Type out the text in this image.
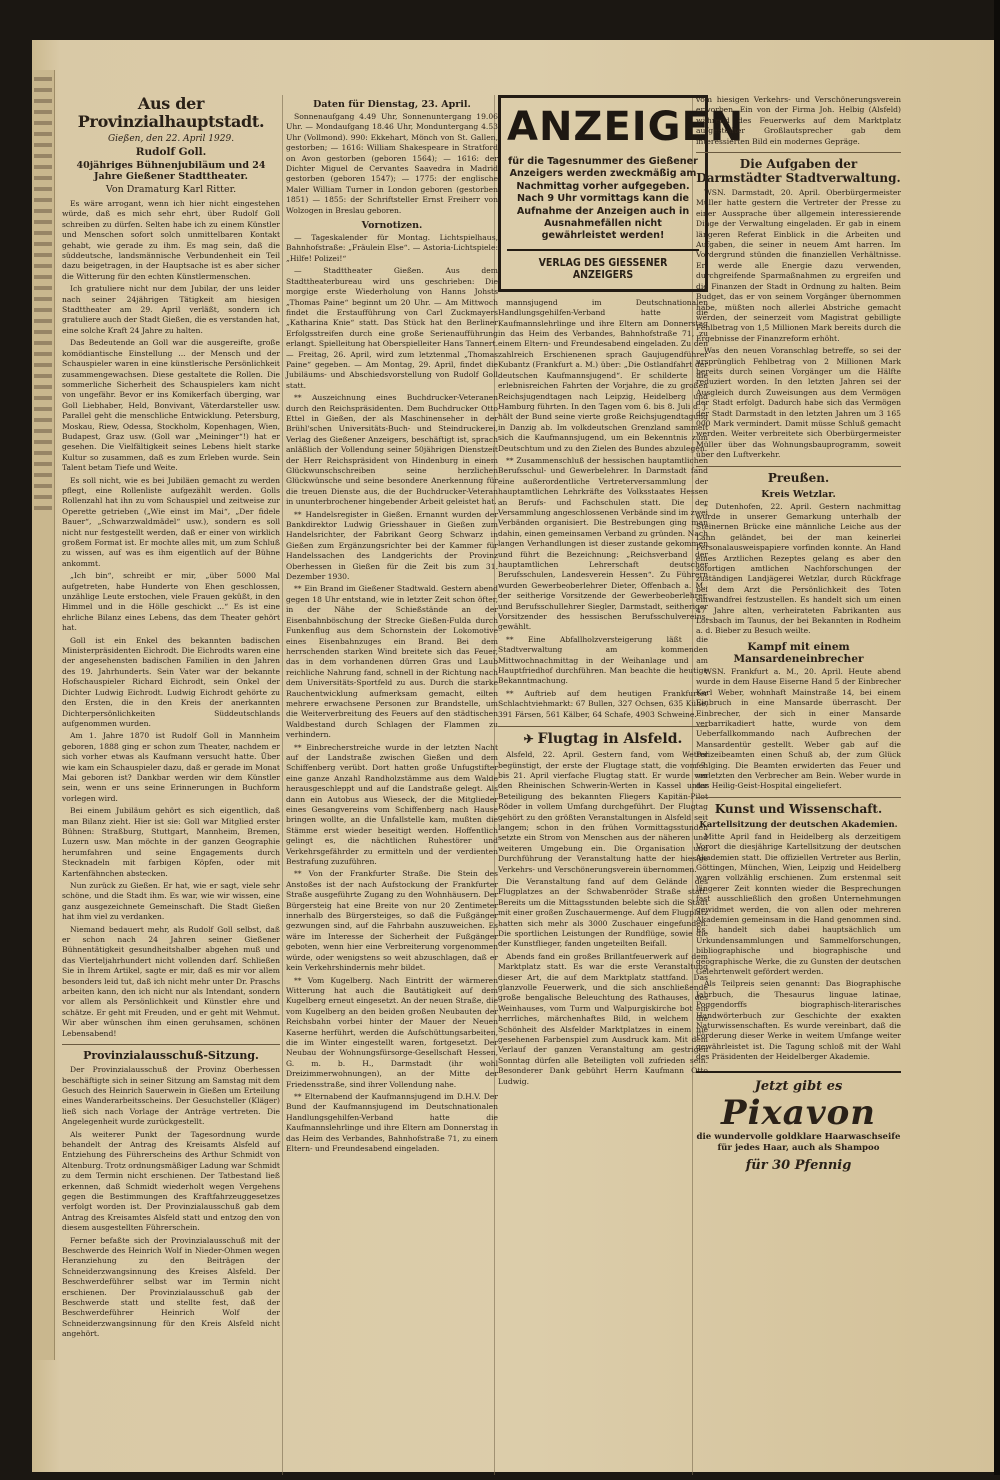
Aus der Provinzialhauptstadt.
Gießen, den 22. April 1929.
Rudolf Goll.
40jähriges Bühnenjubiläum und 24 Jahre Gießener Stadttheater.
Von Dramaturg Karl Ritter.

Es wäre arrogant, wenn ich hier nicht eingestehen würde, daß es mich sehr ehrt, über Rudolf Goll schreiben zu dürfen. Selten habe ich zu einem Künstler und Menschen sofort solch unmittelbaren Kontakt gehabt, wie gerade zu ihm. Es mag sein, daß die süddeutsche, landsmännische Verbundenheit ein Teil dazu beigetragen, in der Hauptsache ist es aber sicher die Witterung für den echten Künstlermenschen.

Ich gratuliere nicht nur dem Jubilar, der uns leider nach seiner 24jährigen Tätigkeit am hiesigen Stadttheater am 29. April verläßt, sondern ich gratuliere auch der Stadt Gießen, die es verstanden hat, eine solche Kraft 24 Jahre zu halten.

Das Bedeutende an Goll war die ausgereifte, große komödiantische Einstellung ... der Mensch und der Schauspieler waren in eine künstlerische Persönlichkeit zusammengewachsen. Diese gestaltete die Rollen. Die sommerliche Sicherheit des Schauspielers kam nicht von ungefähr. Bevor er ins Komikerfach überging, war Goll Liebhaber, Held, Bonvivant, Väterdarsteller usw. Parallel geht die menschliche Entwicklung. Petersburg, Moskau, Riew, Odessa, Stockholm, Kopenhagen, Wien, Budapest, Graz usw. (Goll war „Meininger“!) hat er gesehen. Die Vielfältigkeit seines Lebens hielt starke Kultur so zusammen, daß es zum Erleben wurde. Sein Talent betam Tiefe und Weite.

Es soll nicht, wie es bei Jubiläen gemacht zu werden pflegt, eine Rollenliste aufgezählt werden. Golls Rollenzahl hat ihn zu vom Schauspiel und zeitweise zur Operette getrieben („Wie einst im Mai“, „Der fidele Bauer“, „Schwarzwaldmädel“ usw.), sondern es soll nicht nur festgestellt werden, daß er einer von wirklich großem Format ist. Er mochte alles mit, um zum Schluß zu wissen, auf was es ihm eigentlich auf der Bühne ankommt.

„Ich bin“, schreibt er mir, „über 5000 Mal aufgetreten, habe Hunderte von Ehen geschlossen, unzählige Leute erstochen, viele Frauen geküßt, in den Himmel und in die Hölle geschickt ...“ Es ist eine ehrliche Bilanz eines Lebens, das dem Theater gehört hat.

Goll ist ein Enkel des bekannten badischen Ministerpräsidenten Eichrodt. Die Eichrodts waren eine der angesehensten badischen Familien in den Jahren des 19. Jahrhunderts. Sein Vater war der bekannte Hofschauspieler Richard Eichrodt, sein Onkel der Dichter Ludwig Eichrodt. Ludwig Eichrodt gehörte zu den Ersten, die in den Kreis der anerkannten Dichterpersönlichkeiten Süddeutschlands aufgenommen wurden.

Am 1. Jahre 1870 ist Rudolf Goll in Mannheim geboren, 1888 ging er schon zum Theater, nachdem er sich vorher etwas als Kaufmann versucht hatte. Über wie kam ein Schauspieler dazu, daß er gerade im Monat Mai geboren ist? Dankbar werden wir dem Künstler sein, wenn er uns seine Erinnerungen in Buchform vorlegen wird.

Bei einem Jubiläum gehört es sich eigentlich, daß man Bilanz zieht. Hier ist sie: Goll war Mitglied erster Bühnen: Straßburg, Stuttgart, Mannheim, Bremen, Luzern usw. Man möchte in der ganzen Geographie herumfahren und seine Engagements durch Stecknadeln mit farbigen Köpfen, oder mit Kartenfähnchen abstecken.

Nun zurück zu Gießen. Er hat, wie er sagt, viele sehr schöne, und die Stadt ihm. Es war, wie wir wissen, eine ganz ausgezeichnete Gemeinschaft. Die Stadt Gießen hat ihm viel zu verdanken.

Niemand bedauert mehr, als Rudolf Goll selbst, daß er schon nach 24 Jahren seiner Gießener Bühnentätigkeit gesundheitshalber abgehen muß und das Vierteljahrhundert nicht vollenden darf. Schließen Sie in Ihrem Artikel, sagte er mir, daß es mir vor allem besonders leid tut, daß ich nicht mehr unter Dr. Praschs arbeiten kann, den ich nicht nur als Intendant, sondern vor allem als Persönlichkeit und Künstler ehre und schätze. Er geht mit Freuden, und er geht mit Wehmut. Wir aber wünschen ihm einen geruhsamen, schönen Lebensabend!

Provinzialausschuß-Sitzung.

Der Provinzialausschuß der Provinz Oberhessen beschäftigte sich in seiner Sitzung am Samstag mit dem Gesuch des Heinrich Sauerwein in Gießen um Erteilung eines Wanderarbeitsscheins. Der Gesuchsteller (Kläger) ließ sich nach Vorlage der Anträge vertreten. Die Angelegenheit wurde zurückgestellt.

Als weiterer Punkt der Tagesordnung wurde behandelt der Antrag des Kreisamts Alsfeld auf Entziehung des Führerscheins des Arthur Schmidt von Altenburg. Trotz ordnungsmäßiger Ladung war Schmidt zu dem Termin nicht erschienen. Der Tatbestand ließ erkennen, daß Schmidt wiederholt wegen Vergehens gegen die Bestimmungen des Kraftfahrzeuggesetzes verfolgt worden ist. Der Provinzialausschuß gab dem Antrag des Kreisamtes Alsfeld statt und entzog den von diesem ausgestellten Führerschein.

Ferner befaßte sich der Provinzialausschuß mit der Beschwerde des Heinrich Wolf in Nieder-Ohmen wegen Heranziehung zu den Beiträgen der Schneiderzwangsinnung des Kreises Alsfeld. Der Beschwerdeführer selbst war im Termin nicht erschienen. Der Provinzialausschuß gab der Beschwerde statt und stellte fest, daß der Beschwerdeführer Heinrich Wolf der Schneiderzwangsinnung für den Kreis Alsfeld nicht angehört.

Daten für Dienstag, 23. April.

Sonnenaufgang 4.49 Uhr, Sonnenuntergang 19.06 Uhr. — Mondaufgang 18.46 Uhr, Monduntergang 4.53 Uhr (Vollmond). 990: Ekkehart, Mönch von St. Gallen, gestorben; — 1616: William Shakespeare in Stratford on Avon gestorben (geboren 1564); — 1616: der Dichter Miguel de Cervantes Saavedra in Madrid gestorben (geboren 1547); — 1775: der englische Maler William Turner in London geboren (gestorben 1851) — 1855: der Schriftsteller Ernst Freiherr von Wolzogen in Breslau geboren.

Vornotizen.

— Tageskalender für Montag. Lichtspielhaus, Bahnhofstraße: „Fräulein Else“. — Astoria-Lichtspiele: „Hilfe! Polizei!“

— Stadttheater Gießen. Aus dem Stadttheaterbureau wird uns geschrieben: Die morgige erste Wiederholung von Hanns Johsts „Thomas Paine“ beginnt um 20 Uhr. — Am Mittwoch findet die Erstaufführung von Carl Zuckmayers „Katharina Knie“ statt. Das Stück hat den Berliner Erfolgsstreifen durch eine große Serienaufführung erlangt. Spielleitung hat Oberspielleiter Hans Tannert. — Freitag, 26. April, wird zum letztenmal „Thomas Paine“ gegeben. — Am Montag, 29. April, findet die Jubiläums- und Abschiedsvorstellung von Rudolf Goll statt.

** Auszeichnung eines Buchdrucker-Veteranen durch den Reichspräsidenten. Dem Buchdrucker Otto Ettel in Gießen, der als Maschinenseher in der Brühl'schen Universitäts-Buch- und Steindruckerei, Verlag des Gießener Anzeigers, beschäftigt ist, sprach anläßlich der Vollendung seiner 50jährigen Dienstzeit der Herr Reichspräsident von Hindenburg in einem Glückwunschschreiben seine herzlichen Glückwünsche und seine besondere Anerkennung für die treuen Dienste aus, die der Buchdrucker-Veteran in ununterbrochener hingebender Arbeit geleistet hat.

** Handelsregister in Gießen. Ernannt wurden der Bankdirektor Ludwig Griesshauer in Gießen zum Handelsrichter, der Fabrikant Georg Schwarz in Gießen zum Ergänzungsrichter bei der Kammer für Handelssachen des Landgerichts der Provinz Oberhessen in Gießen für die Zeit bis zum 31. Dezember 1930.

** Ein Brand im Gießener Stadtwald. Gestern abend gegen 18 Uhr entstand, wie in letzter Zeit schon öfter, in der Nähe der Schießstände an der Eisenbahnböschung der Strecke Gießen-Fulda durch Funkenflug aus dem Schornstein der Lokomotive eines Eisenbahnzuges ein Brand. Bei dem herrschenden starken Wind breitete sich das Feuer, das in dem vorhandenen dürren Gras und Laub reichliche Nahrung fand, schnell in der Richtung nach dem Universitäts-Sportfeld zu aus. Durch die starke Rauchentwicklung aufmerksam gemacht, eilten mehrere erwachsene Personen zur Brandstelle, um die Weiterverbreitung des Feuers auf den städtischen Waldbestand durch Schlagen der Flammen zu verhindern.

** Einbrecherstreiche wurde in der letzten Nacht auf der Landstraße zwischen Gießen und dem Schiffenberg verübt. Dort hatten große Unfugstifter eine ganze Anzahl Randholzstämme aus dem Walde herausgeschleppt und auf die Landstraße gelegt. Als dann ein Autobus aus Wieseck, der die Mitglieder eines Gesangvereins vom Schiffenberg nach Hause bringen wollte, an die Unfallstelle kam, mußten die Stämme erst wieder beseitigt werden. Hoffentlich gelingt es, die nächtlichen Ruhestörer und Verkehrsgefährder zu ermitteln und der verdienten Bestrafung zuzuführen.

** Von der Frankfurter Straße. Die Stein des Anstoßes ist der nach Aufstockung der Frankfurter Straße ausgeführte Zugang zu den Wohnhäusern. Der Bürgersteig hat eine Breite von nur 20 Zentimeter innerhalb des Bürgersteiges, so daß die Fußgänger gezwungen sind, auf die Fahrbahn auszuweichen. Es wäre im Interesse der Sicherheit der Fußgänger geboten, wenn hier eine Verbreiterung vorgenommen würde, oder wenigstens so weit abzuschlagen, daß er kein Verkehrshindernis mehr bildet.

** Vom Kugelberg. Nach Eintritt der wärmeren Witterung hat auch die Bautätigkeit auf dem Kugelberg erneut eingesetzt. An der neuen Straße, die vom Kugelberg an den beiden großen Neubauten der Reichsbahn vorbei hinter der Mauer der Neuen Kaserne herführt, werden die Aufschüttungsarbeiten, die im Winter eingestellt waren, fortgesetzt. Der Neubau der Wohnungsfürsorge-Gesellschaft Hessen, G. m. b. H., Darmstadt (ihr wohl Dreizimmerwohnungen), an der Mitte der Friedensstraße, sind ihrer Vollendung nahe.

** Elternabend der Kaufmannsjugend im D.H.V. Der Bund der Kaufmannsjugend im Deutschnationalen Handlungsgehilfen-Verband hatte die Kaufmannslehrlinge und ihre Eltern am Donnerstag in das Heim des Verbandes, Bahnhofstraße 71, zu einem Eltern- und Freundesabend eingeladen.

ANZEIGEN
für die Tagesnummer des Gießener Anzeigers werden zweckmäßig am Nachmittag vorher aufgegeben. Nach 9 Uhr vormittags kann die Aufnahme der Anzeigen auch in Ausnahmefällen nicht gewährleistet werden!
VERLAG DES GIESSENER ANZEIGERS

mannsjugend im Deutschnationalen Handlungsgehilfen-Verband hatte die Kaufmannslehrlinge und ihre Eltern am Donnerstag in das Heim des Verbandes, Bahnhofstraße 71, zu einem Eltern- und Freundesabend eingeladen. Zu den zahlreich Erschienenen sprach Gaujugendführer Kubantz (Frankfurt a. M.) über: „Die Ostlandfahrt der deutschen Kaufmannsjugend“. Er schilderte die erlebnisreichen Fahrten der Vorjahre, die zu großen Reichsjugendtagen nach Leipzig, Heidelberg und Hamburg führten. In den Tagen vom 6. bis 8. Juli d. J. hält der Bund seine vierte große Reichsjugendtagung in Danzig ab. Im volkdeutschen Grenzland sammelt sich die Kaufmannsjugend, um ein Bekenntnis zum Deutschtum und zu den Zielen des Bundes abzulegen.

** Zusammenschluß der hessischen hauptamtlichen Berufsschul- und Gewerbelehrer. In Darmstadt fand eine außerordentliche Vertreterversammlung der hauptamtlichen Lehrkräfte des Volksstaates Hessen an Berufs- und Fachschulen statt. Die der Versammlung angeschlossenen Verbände sind im zwei Verbänden organisiert. Die Bestrebungen ging man dahin, einen gemeinsamen Verband zu gründen. Nach langen Verhandlungen ist dieser zustande gekommen und führt die Bezeichnung: „Reichsverband der hauptamtlichen Lehrerschaft deutscher Berufsschulen, Landesverein Hessen“. Zu Führern wurden Gewerbeoberlehrer Dieter, Offenbach a. M., der seitherige Vorsitzende der Gewerbeoberlehrer, und Berufsschullehrer Siegler, Darmstadt, seitheriger Vorsitzender des hessischen Berufsschulvereins, gewählt.

** Eine Abfallholzversteigerung läßt die Stadtverwaltung am kommenden Mittwochnachmittag in der Weihanlage und am Hauptfriedhof durchführen. Man beachte die heutige Bekanntmachung.

** Auftrieb auf dem heutigen Frankfurter Schlachtviehmarkt: 67 Bullen, 327 Ochsen, 635 Kühe, 391 Färsen, 561 Kälber, 64 Schafe, 4903 Schweine.

✈ Flugtag in Alsfeld.

Alsfeld, 22. April. Gestern fand, vom Wetter begünstigt, der erste der Flugtage statt, die vom 7. bis 21. April vierfache Flugtag statt. Er wurde von den Rheinischen Schwerin-Werten in Kassel unter Beteiligung des bekannten Fliegers Kapitän-Pilot Röder in vollem Umfang durchgeführt. Der Flugtag gehört zu den größten Veranstaltungen in Alsfeld seit langem; schon in den frühen Vormittagsstunden setzte ein Strom von Menschen aus der näheren und weiteren Umgebung ein. Die Organisation und Durchführung der Veranstaltung hatte der hiesige Verkehrs- und Verschönerungsverein übernommen.

Die Veranstaltung fand auf dem Gelände des Flugplatzes an der Schwabenröder Straße statt. Bereits um die Mittagsstunden belebte sich die Stadt mit einer großen Zuschauermenge. Auf dem Flugplatz hatten sich mehr als 3000 Zuschauer eingefunden. Die sportlichen Leistungen der Rundflüge, sowie die der Kunstflieger, fanden ungeteilten Beifall.

Abends fand ein großes Brillantfeuerwerk auf dem Marktplatz statt. Es war die erste Veranstaltung dieser Art, die auf dem Marktplatz stattfand. Das glanzvolle Feuerwerk, und die sich anschließende große bengalische Beleuchtung des Rathauses, des Weinhauses, vom Turm und Walpurgiskirche bot ein herrliches, märchenhaftes Bild, in welchem die Schönheit des Alsfelder Marktplatzes in einem nie gesehenen Farbenspiel zum Ausdruck kam. Mit dem Verlauf der ganzen Veranstaltung am gestrigen Sonntag dürfen alle Beteiligten voll zufrieden sein. Besonderer Dank gebührt Herrn Kaufmann Otto Ludwig.

vom hiesigen Verkehrs- und Verschönerungsverein erworben. Ein von der Firma Joh. Helbig (Alsfeld) während des Feuerwerks auf dem Marktplatz aufgestellter Großlautsprecher gab dem interessierten Bild ein modernes Gepräge.

Die Aufgaben der Darmstädter Stadtverwaltung.

WSN. Darmstadt, 20. April. Oberbürgermeister Müller hatte gestern die Vertreter der Presse zu einer Aussprache über allgemein interessierende Dinge der Verwaltung eingeladen. Er gab in einem längeren Referat Einblick in die Arbeiten und Aufgaben, die seiner in neuem Amt harren. Im Vordergrund stünden die finanziellen Verhältnisse. Er werde alle Energie dazu verwenden, durchgreifende Sparmaßnahmen zu ergreifen und die Finanzen der Stadt in Ordnung zu halten. Beim Budget, das er von seinem Vorgänger übernommen habe, müßten noch allerlei Abstriche gemacht werden, der seinerzeit vom Magistrat gebilligte Fehlbetrag von 1,5 Millionen Mark bereits durch die Ergebnisse der Finanzreform erhöht.

Was den neuen Voranschlag betreffe, so sei der ursprünglich Fehlbetrag von 2 Millionen Mark bereits durch seinen Vorgänger um die Hälfte reduziert worden. In den letzten Jahren sei der Ausgleich durch Zuweisungen aus dem Vermögen der Stadt erfolgt. Dadurch habe sich das Vermögen der Stadt Darmstadt in den letzten Jahren um 3 165 000 Mark vermindert. Damit müsse Schluß gemacht werden. Weiter verbreitete sich Oberbürgermeister Müller über das Wohnungsbauprogramm, soweit über den Luftverkehr.

Preußen.
Kreis Wetzlar.

* Dutenhofen, 22. April. Gestern nachmittag wurde in unserer Gemarkung unterhalb der Steinernen Brücke eine männliche Leiche aus der Lahn geländet, bei der man keinerlei Personalausweispapiere vorfinden konnte. An Hand eines Arztlichen Rezeptes gelang es aber den sofortigen amtlichen Nachforschungen der zuständigen Landjägerei Wetzlar, durch Rückfrage bei dem Arzt die Persönlichkeit des Toten einwandfrei festzustellen. Es handelt sich um einen 47 Jahre alten, verheirateten Fabrikanten aus Lorsbach im Taunus, der bei Bekannten in Rodheim a. d. Bieber zu Besuch weilte.

Kampf mit einem Mansardeneinbrecher

WSN. Frankfurt a. M., 20. April. Heute abend wurde in dem Hause Eiserne Hand 5 der Einbrecher Karl Weber, wohnhaft Mainstraße 14, bei einem Einbruch in eine Mansarde überrascht. Der Einbrecher, der sich in einer Mansarde verbarrikadiert hatte, wurde von dem Ueberfallkommando nach Aufbrechen der Mansardentür gestellt. Weber gab auf die Polizeibeamten einen Schuß ab, der zum Glück fehlging. Die Beamten erwiderten das Feuer und verletzten den Verbrecher am Bein. Weber wurde in das Heilig-Geist-Hospital eingeliefert.

Kunst und Wissenschaft.
Kartellsitzung der deutschen Akademien.

Mitte April fand in Heidelberg als derzeitigem Vorort die diesjährige Kartellsitzung der deutschen Akademien statt. Die offiziellen Vertreter aus Berlin, Göttingen, München, Wien, Leipzig und Heidelberg waren vollzählig erschienen. Zum erstenmal seit längerer Zeit konnten wieder die Besprechungen fast ausschließlich den großen Unternehmungen gewidmet werden, die von allen oder mehreren Akademien gemeinsam in die Hand genommen sind. Es handelt sich dabei hauptsächlich um Urkundensammlungen und Sammelforschungen, bibliographische und biographische und geographische Werke, die zu Gunsten der deutschen Gelehrtenwelt gefördert werden.

Als Teilpreis seien genannt: Das Biographische Jahrbuch, die Thesaurus linguae latinae, Poggendorffs biographisch-literarisches Handwörterbuch zur Geschichte der exakten Naturwissenschaften. Es wurde vereinbart, daß die Förderung dieser Werke in weitem Umfange weiter gewährleistet ist. Die Tagung schloß mit der Wahl des Präsidenten der Heidelberger Akademie.

Jetzt gibt es
Pixavon
die wundervolle goldklare Haarwaschseife für jedes Haar, auch als Shampoo
für 30 Pfennig
